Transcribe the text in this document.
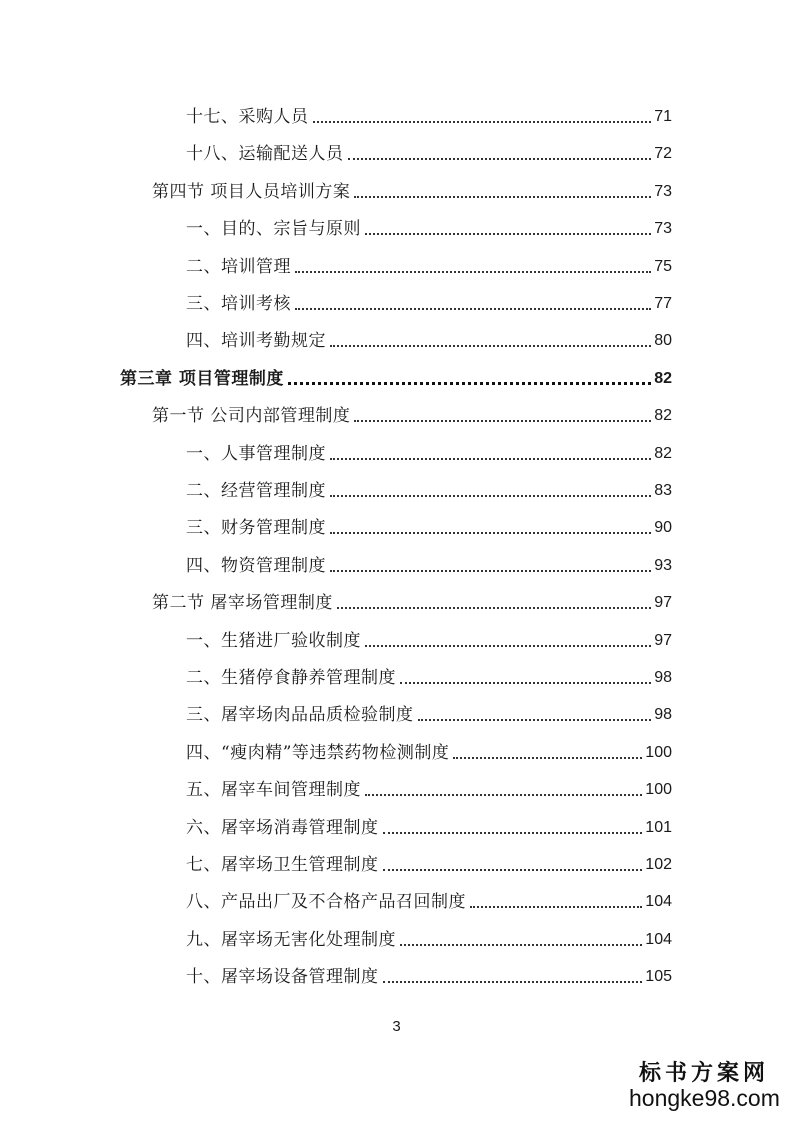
十七、采购人员	71
十八、运输配送人员	72
第四节 项目人员培训方案	73
一、目的、宗旨与原则	73
二、培训管理	75
三、培训考核	77
四、培训考勤规定	80
第三章 项目管理制度	82
第一节 公司内部管理制度	82
一、人事管理制度	82
二、经营管理制度	83
三、财务管理制度	90
四、物资管理制度	93
第二节 屠宰场管理制度	97
一、生猪进厂验收制度	97
二、生猪停食静养管理制度	98
三、屠宰场肉品品质检验制度	98
四、“瘦肉精”等违禁药物检测制度	100
五、屠宰车间管理制度	100
六、屠宰场消毒管理制度	101
七、屠宰场卫生管理制度	102
八、产品出厂及不合格产品召回制度	104
九、屠宰场无害化处理制度	104
十、屠宰场设备管理制度	105
3
标书方案网
hongke98.com
